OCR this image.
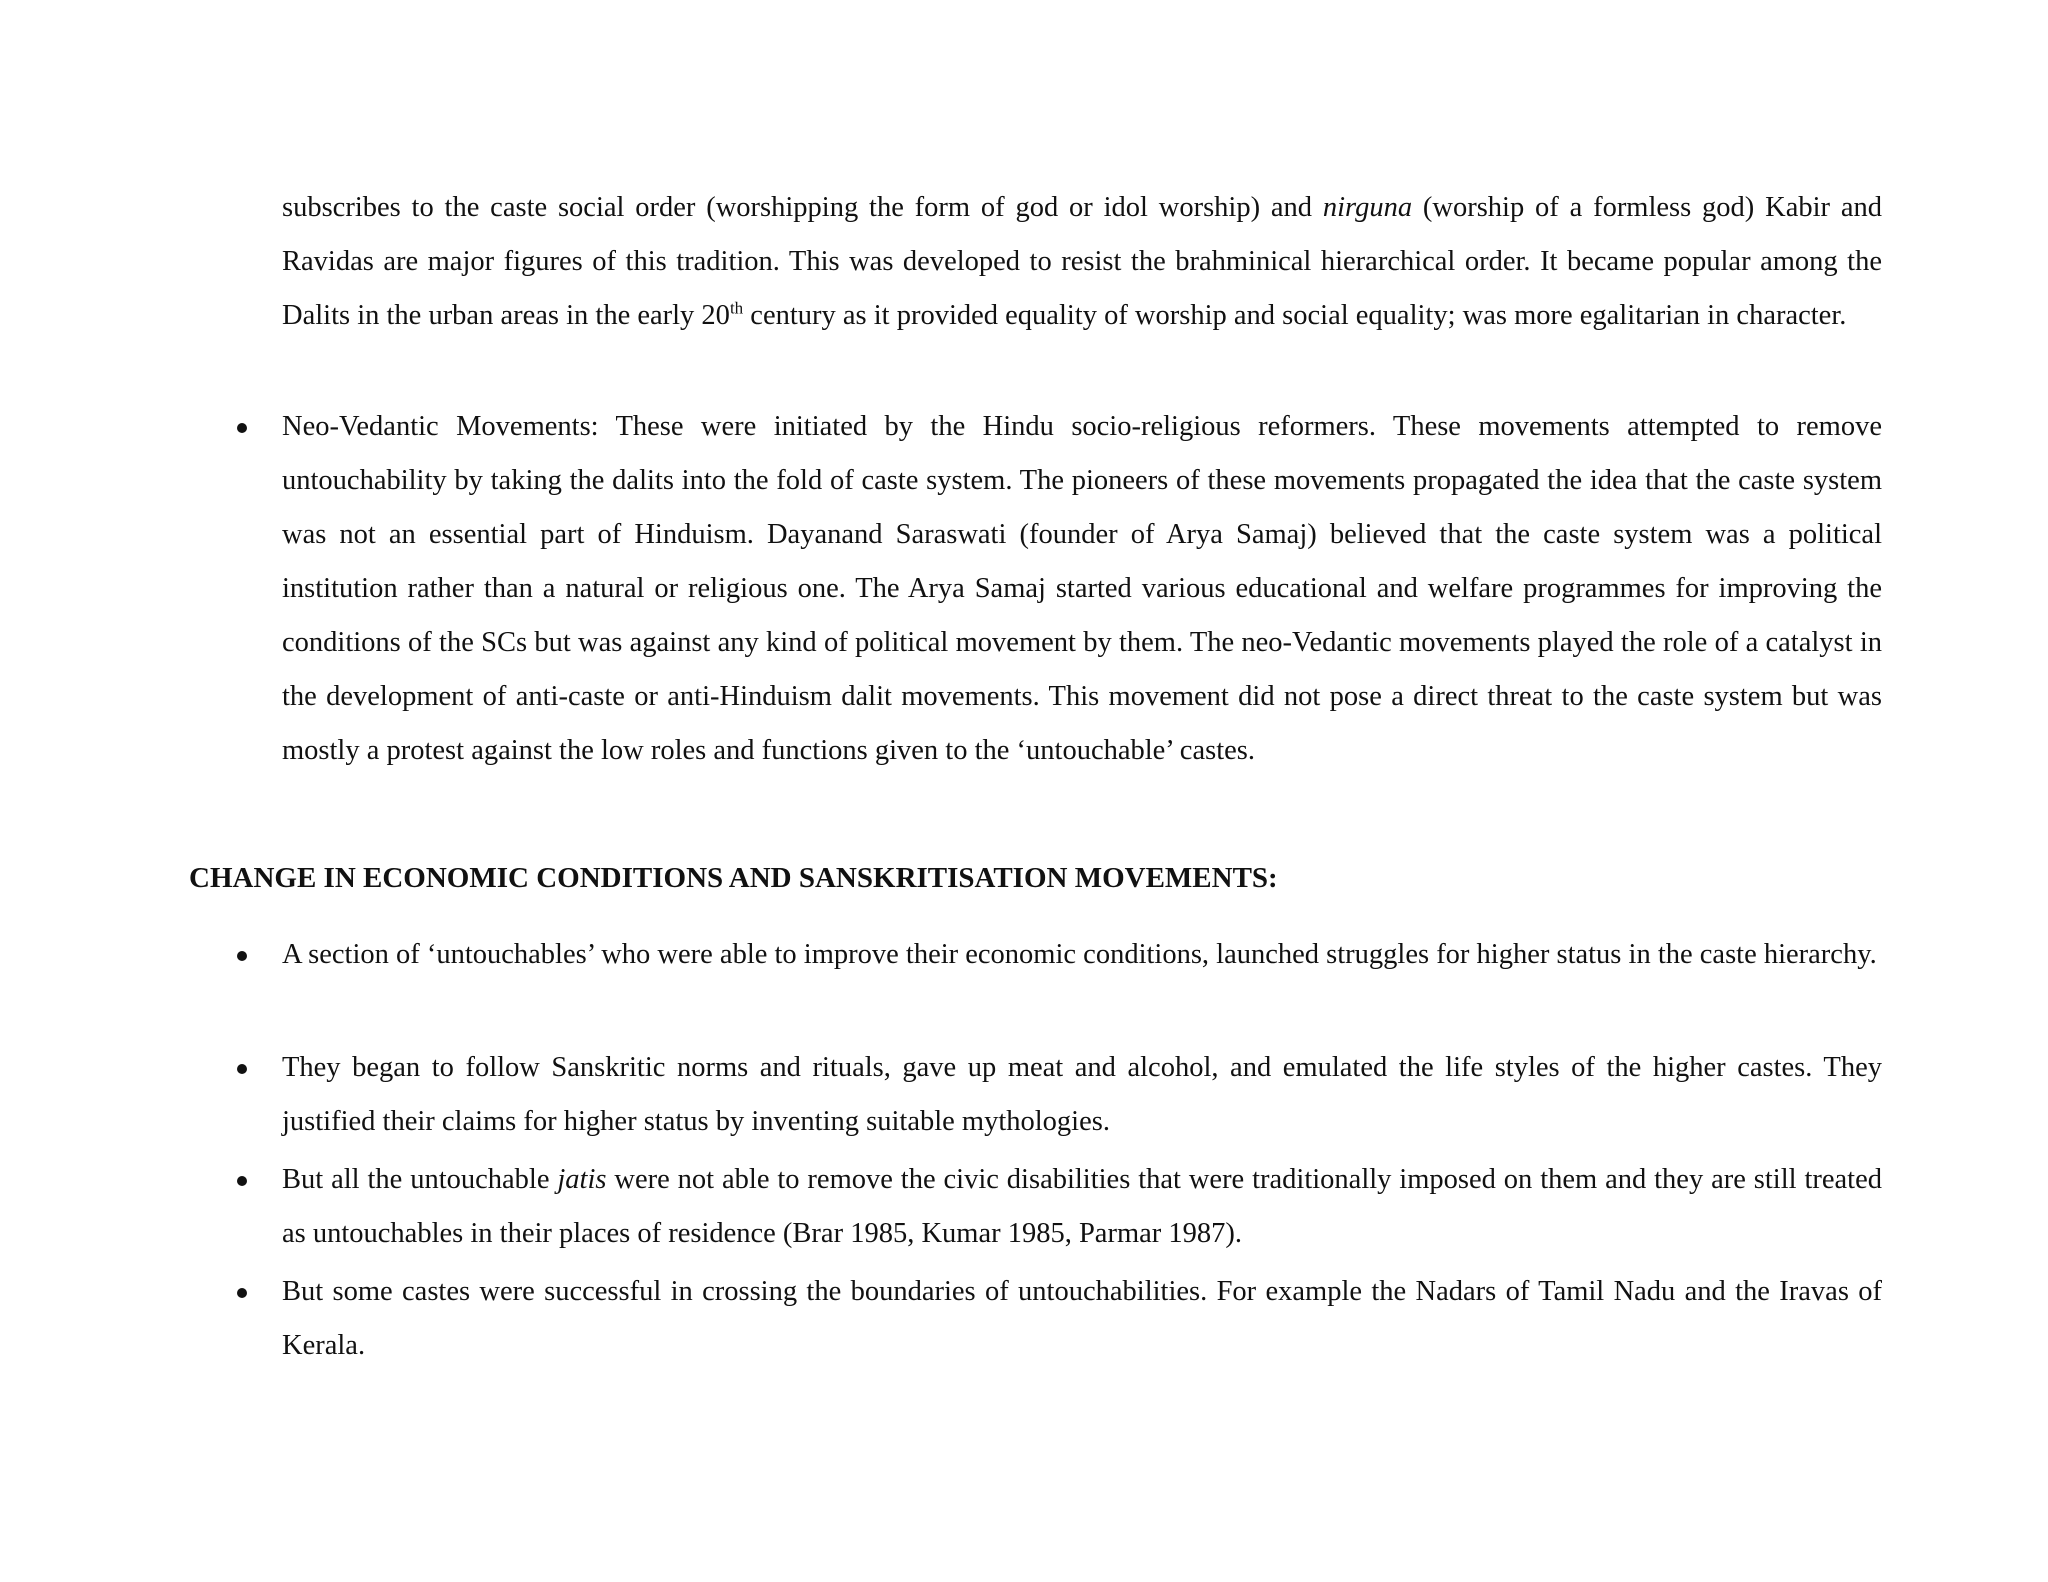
subscribes to the caste social order (worshipping the form of god or idol worship) and nirguna (worship of a formless god) Kabir and Ravidas are major figures of this tradition. This was developed to resist the brahminical hierarchical order. It became popular among the Dalits in the urban areas in the early 20th century as it provided equality of worship and social equality; was more egalitarian in character.

Neo-Vedantic Movements: These were initiated by the Hindu socio-religious reformers. These movements attempted to remove untouchability by taking the dalits into the fold of caste system. The pioneers of these movements propagated the idea that the caste system was not an essential part of Hinduism. Dayanand Saraswati (founder of Arya Samaj) believed that the caste system was a political institution rather than a natural or religious one. The Arya Samaj started various educational and welfare programmes for improving the conditions of the SCs but was against any kind of political movement by them. The neo-Vedantic movements played the role of a catalyst in the development of anti-caste or anti-Hinduism dalit movements. This movement did not pose a direct threat to the caste system but was mostly a protest against the low roles and functions given to the ‘untouchable’ castes.

CHANGE IN ECONOMIC CONDITIONS AND SANSKRITISATION MOVEMENTS:

A section of ‘untouchables’ who were able to improve their economic conditions, launched struggles for higher status in the caste hierarchy.

They began to follow Sanskritic norms and rituals, gave up meat and alcohol, and emulated the life styles of the higher castes. They justified their claims for higher status by inventing suitable mythologies.

But all the untouchable jatis were not able to remove the civic disabilities that were traditionally imposed on them and they are still treated as untouchables in their places of residence (Brar 1985, Kumar 1985, Parmar 1987).

But some castes were successful in crossing the boundaries of untouchabilities. For example the Nadars of Tamil Nadu and the Iravas of Kerala.
